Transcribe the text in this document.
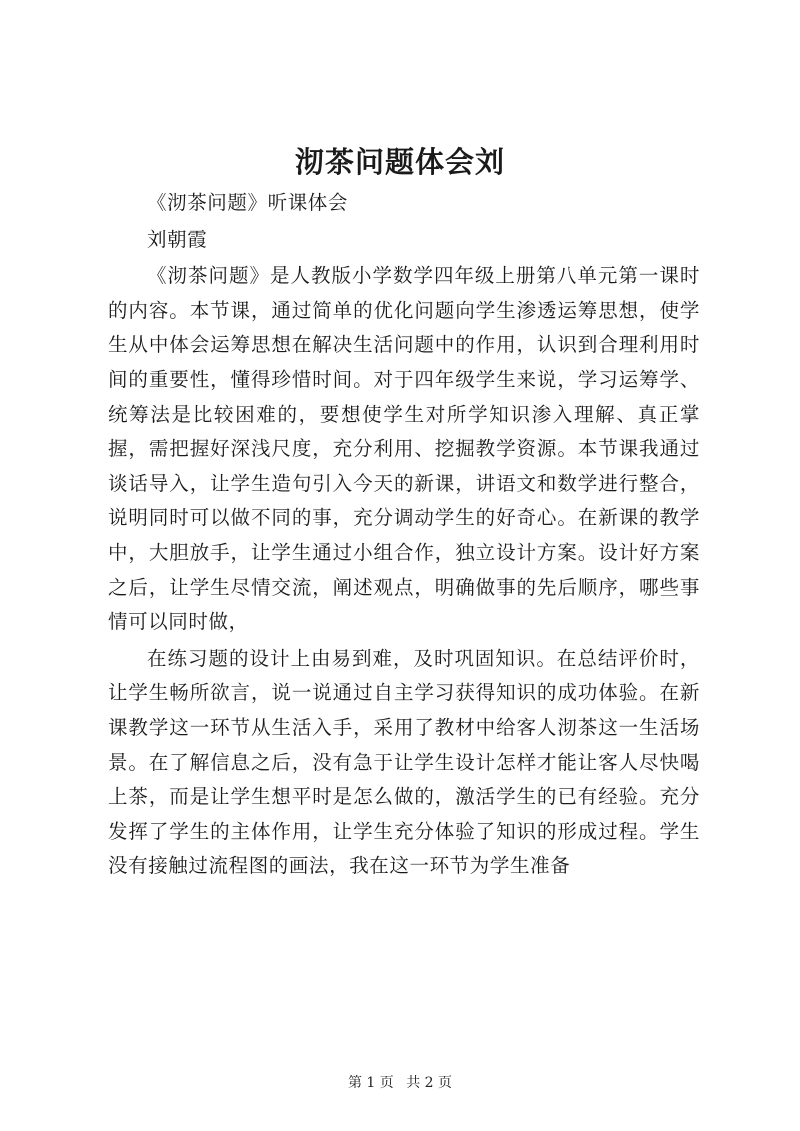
沏茶问题体会刘

《沏茶问题》听课体会

刘朝霞

《沏茶问题》是人教版小学数学四年级上册第八单元第一课时的内容。本节课，通过简单的优化问题向学生渗透运筹思想，使学生从中体会运筹思想在解决生活问题中的作用，认识到合理利用时间的重要性，懂得珍惜时间。对于四年级学生来说，学习运筹学、统筹法是比较困难的，要想使学生对所学知识渗入理解、真正掌握，需把握好深浅尺度，充分利用、挖掘教学资源。本节课我通过谈话导入，让学生造句引入今天的新课，讲语文和数学进行整合，说明同时可以做不同的事，充分调动学生的好奇心。在新课的教学中，大胆放手，让学生通过小组合作，独立设计方案。设计好方案之后，让学生尽情交流，阐述观点，明确做事的先后顺序，哪些事情可以同时做，

在练习题的设计上由易到难，及时巩固知识。在总结评价时，让学生畅所欲言，说一说通过自主学习获得知识的成功体验。在新课教学这一环节从生活入手，采用了教材中给客人沏茶这一生活场景。在了解信息之后，没有急于让学生设计怎样才能让客人尽快喝上茶，而是让学生想平时是怎么做的，激活学生的已有经验。充分发挥了学生的主体作用，让学生充分体验了知识的形成过程。学生没有接触过流程图的画法，我在这一环节为学生准备

第 1 页 共 2 页
